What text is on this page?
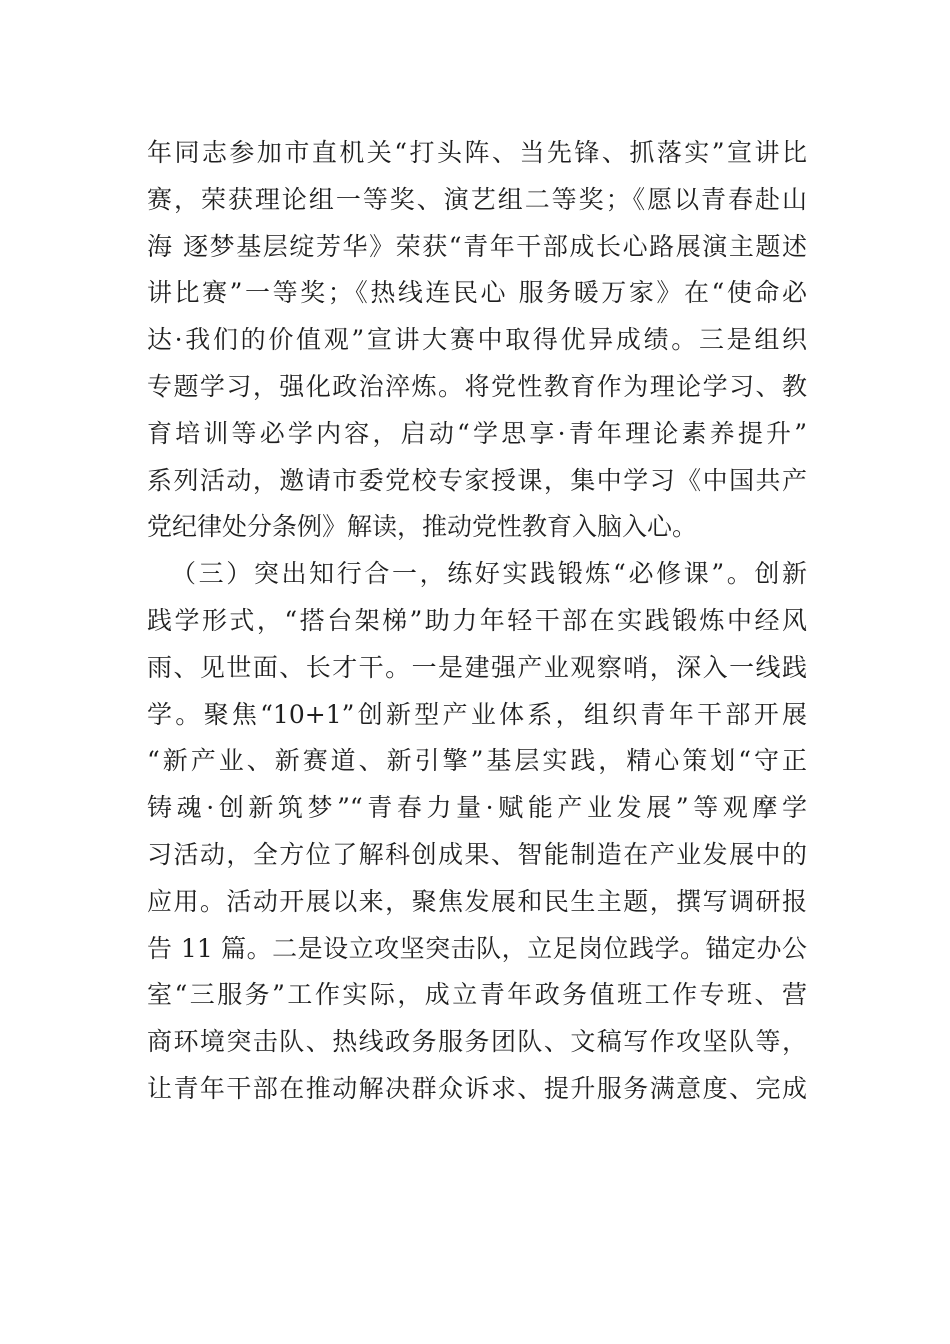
年同志参加市直机关“打头阵、当先锋、抓落实”宣讲比
赛，荣获理论组一等奖、演艺组二等奖；《愿以青春赴山
海 逐梦基层绽芳华》荣获“青年干部成长心路展演主题述
讲比赛”一等奖；《热线连民心 服务暖万家》在“使命必
达·我们的价值观”宣讲大赛中取得优异成绩。三是组织
专题学习，强化政治淬炼。将党性教育作为理论学习、教
育培训等必学内容，启动“学思享·青年理论素养提升”
系列活动，邀请市委党校专家授课，集中学习《中国共产
党纪律处分条例》解读，推动党性教育入脑入心。
（三）突出知行合一，练好实践锻炼“必修课”。创新
践学形式，“搭台架梯”助力年轻干部在实践锻炼中经风
雨、见世面、长才干。一是建强产业观察哨，深入一线践
学。聚焦“10+1”创新型产业体系，组织青年干部开展
“新产业、新赛道、新引擎”基层实践，精心策划“守正
铸魂·创新筑梦”“青春力量·赋能产业发展”等观摩学
习活动，全方位了解科创成果、智能制造在产业发展中的
应用。活动开展以来，聚焦发展和民生主题，撰写调研报
告 11 篇。二是设立攻坚突击队，立足岗位践学。锚定办公
室“三服务”工作实际，成立青年政务值班工作专班、营
商环境突击队、热线政务服务团队、文稿写作攻坚队等，
让青年干部在推动解决群众诉求、提升服务满意度、完成
